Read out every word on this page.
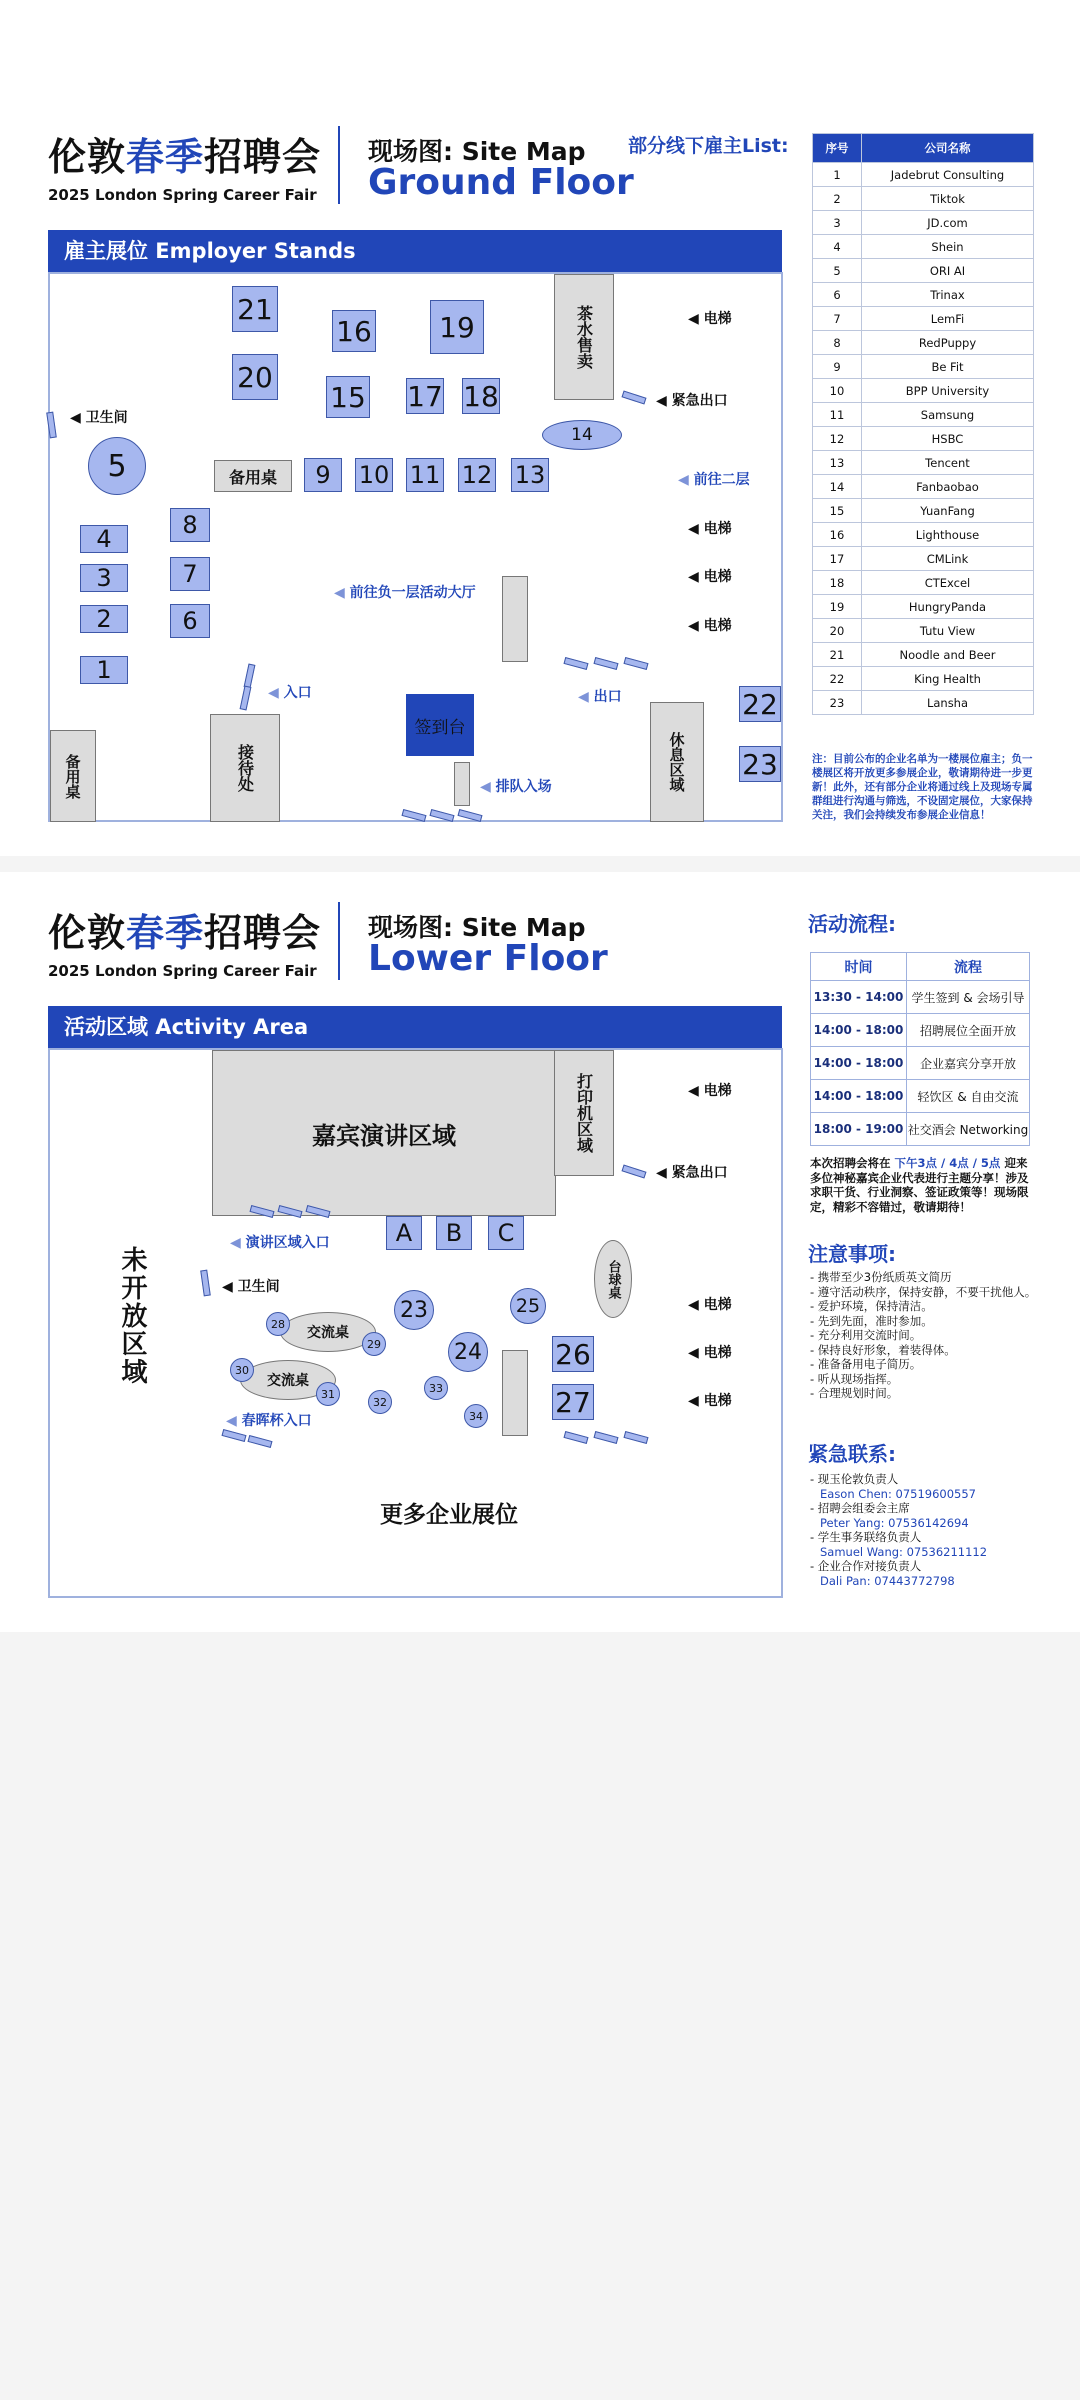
伦敦春季招聘会
2025 London Spring Career Fair
现场图: Site Map
Ground Floor
部分线下雇主List:
雇主展位 Employer Stands
1
2
3
4
5
6
7
8
9	10 11 12 13
14
15
16
17 18
19
20
21
22
23
茶水售卖
备用桌
接待处
备用桌	休息区域
签到台
◀ 卫生间
◀ 电梯
◀ 紧急出口
◀ 前往二层
◀ 电梯
◀ 电梯
◀ 电梯
◀ 前往负一层活动大厅
◀ 入口	◀ 出口
◀ 排队入场
序号	公司名称
1	Jadebrut Consulting
2	Tiktok
3	JD.com
4	Shein
5	ORI AI
6	Trinax
7	LemFi
8	RedPuppy
9	Be Fit
10	BPP University
11	Samsung
12	HSBC
13	Tencent
14	Fanbaobao
15	YuanFang
16	Lighthouse
17	CMLink
18	CTExcel
19	HungryPanda
20	Tutu View
21	Noodle and Beer
22	King Health
23	Lansha
注：目前公布的企业名单为一楼展位雇主；负一楼展区将开放更多参展企业，敬请期待进一步更新！此外，还有部分企业将通过线上及现场专属群组进行沟通与筛选，不设固定展位，大家保持关注，我们会持续发布参展企业信息！
伦敦春季招聘会
2025 London Spring Career Fair
现场图: Site Map
Lower Floor
活动区域 Activity Area
嘉宾演讲区域	打印机区域
未开放区域
更多企业展位
A	B	C
23
24
25
26
27
交流桌
交流桌
台球桌
28
29
30
31
32
33
34
◀ 电梯
◀ 紧急出口
◀ 演讲区域入口
◀ 卫生间
◀ 电梯
◀ 电梯
◀ 电梯
◀ 春晖杯入口
活动流程:
时间	流程
13:30 - 14:00	学生签到 & 会场引导
14:00 - 18:00	招聘展位全面开放
14:00 - 18:00	企业嘉宾分享开放
14:00 - 18:00	轻饮区 & 自由交流
18:00 - 19:00	社交酒会 Networking
本次招聘会将在 下午3点 / 4点 / 5点 迎来多位神秘嘉宾企业代表进行主题分享！涉及求职干货、行业洞察、签证政策等！现场限定，精彩不容错过，敬请期待！
注意事项:
- 携带至少3份纸质英文简历
- 遵守活动秩序，保持安静，不要干扰他人。
- 爱护环境，保持清洁。
- 先到先面，准时参加。
- 充分利用交流时间。
- 保持良好形象，着装得体。
- 准备备用电子简历。
- 听从现场指挥。
- 合理规划时间。
紧急联系:
- 现玉伦敦负责人
Eason Chen: 07519600557
- 招聘会组委会主席
Peter Yang: 07536142694
- 学生事务联络负责人
Samuel Wang: 07536211112
- 企业合作对接负责人
Dali Pan: 07443772798
